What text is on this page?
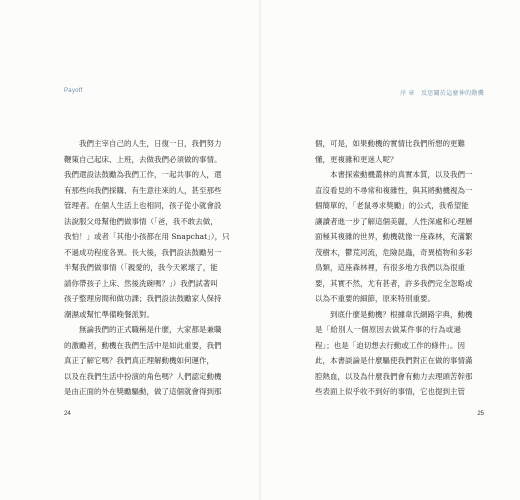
Payoff
我們主宰自己的人生，日復一日，我們努力
鞭策自己起床、上班，去做我們必須做的事情。
我們還設法鼓勵為我們工作，一起共事的人，還
有那些向我們採購、有生意往來的人，甚至那些
管理者。在個人生活上也相同，孩子從小就會設
法說服父母幫他們做事情（「爸，我不敢去做，
我怕！」或者「其他小孩都在用 Snapchat」），只
不過成功程度各異。長大後，我們設法鼓勵另一
半幫我們做事情（「親愛的，我今天累壞了，能
請你帶孩子上床、然後洗碗嗎？」）我們試著叫
孩子整理房間和做功課；我們設法鼓勵家人保持
潮濕或幫忙準備晚餐派對。
無論我們的正式職稱是什麼，大家都是兼職
的激勵者，動機在我們生活中是如此重要，我們
真正了解它嗎？我們真正理解動機如何運作，
以及在我們生活中扮演的角色嗎？人們認定動機
是由正面的外在獎勵驅動，做了這個就會得到那
24
序 章　反思關於這麼神的動機
個，可是，如果動機的實情比我們所想的更難
懂，更複雜和更迷人呢？
本書探索動機叢林的真實本質，以及我們一
直沒看見的不尋常和複雜性，與其將動機視為一
個簡單的，「老鼠尋求獎勵」的公式，我希望能
讓讀者進一步了解這個美麗，人性深處和心理層
面極其複雜的世界，動機就像一座森林，充滿繁
茂樹木，鬱荒河流，危險昆蟲，奇異植物和多彩
鳥類，這座森林裡，有很多地方我們以為很重
要，其實不然，尤有甚者，許多我們完全忽略或
以為不重要的細節，原來特別重要。
到底什麼是動機？根據韋氏網路字典，動機
是「給別人一個原因去做某件事的行為或過
程」；也是「迫切想去行動或工作的條件」。因
此，本書談論是什麼驅使我們對正在做的事情滿
腔熱血，以及為什麼我們會有動力去理頭苦幹那
些表面上似乎收不到好的事情，它也提到主管
25
